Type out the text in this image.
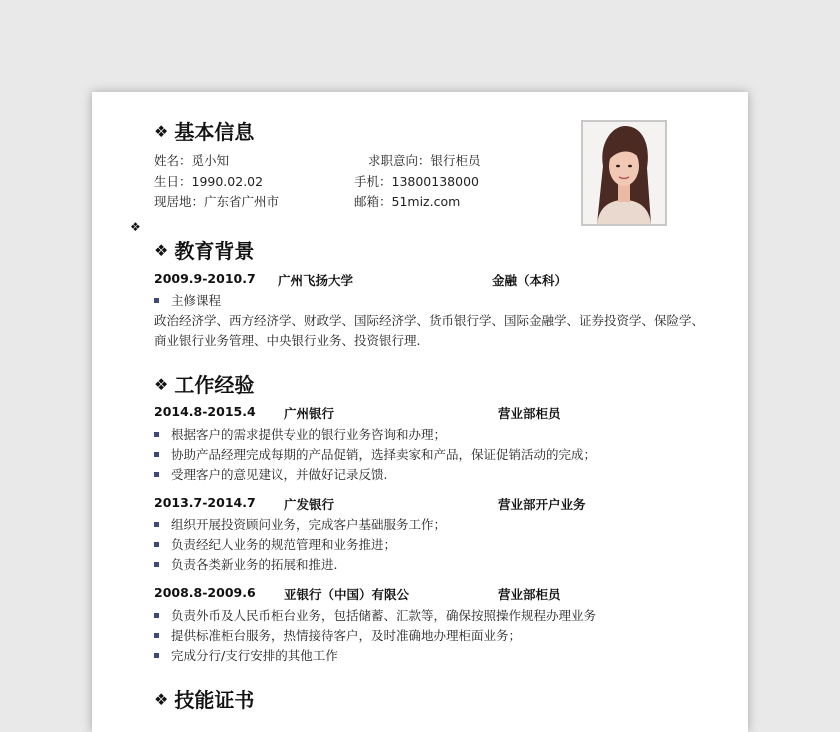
❖ 基本信息
姓名：觅小知	求职意向：银行柜员
生日：1990.02.02	手机：13800138000
现居地：广东省广州市	邮箱：51miz.com
❖
❖ 教育背景
2009.9-2010.7 广州飞扬大学	金融（本科）
主修课程
政治经济学、西方经济学、财政学、国际经济学、货币银行学、国际金融学、证券投资学、保险学、
商业银行业务管理、中央银行业务、投资银行理.
❖ 工作经验
2014.8-2015.4 广州银行	营业部柜员
根据客户的需求提供专业的银行业务咨询和办理；
协助产品经理完成每期的产品促销，选择卖家和产品，保证促销活动的完成；
受理客户的意见建议，并做好记录反馈.
2013.7-2014.7 广发银行	营业部开户业务
组织开展投资顾问业务，完成客户基础服务工作；
负责经纪人业务的规范管理和业务推进；
负责各类新业务的拓展和推进.
2008.8-2009.6 亚银行（中国）有限公	营业部柜员
负责外币及人民币柜台业务，包括储蓄、汇款等，确保按照操作规程办理业务
提供标准柜台服务，热情接待客户，及时准确地办理柜面业务；
完成分行/支行安排的其他工作
❖ 技能证书
